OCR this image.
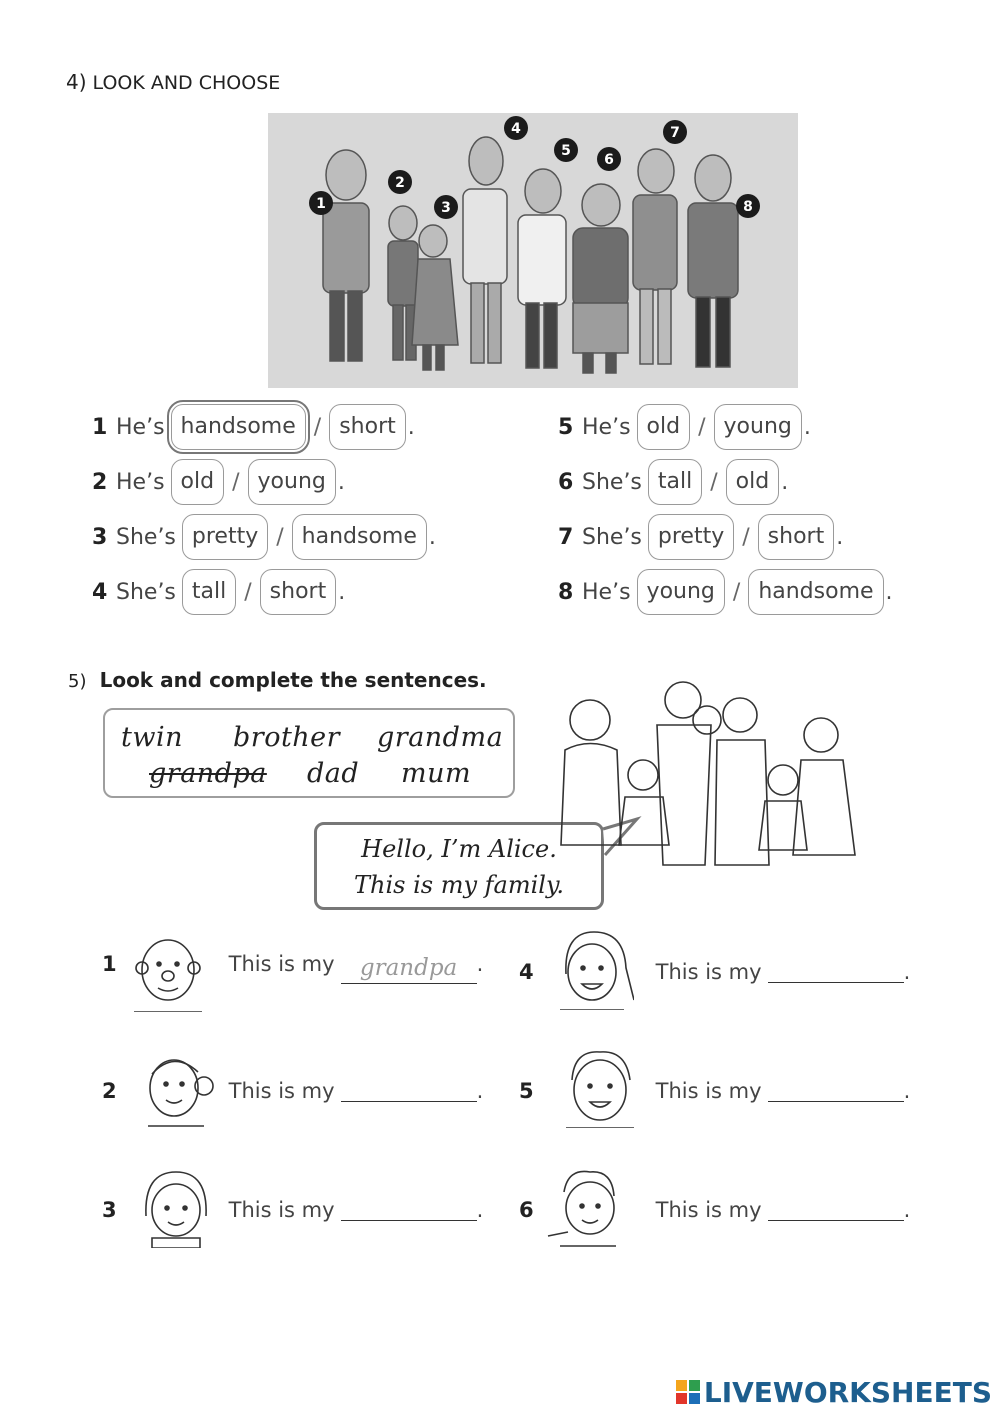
4) LOOK AND CHOOSE
1
2
3
4
5
6
7
8
1 He’s handsome / short .
2 He’s old / young .
3 She’s pretty / handsome .
4 She’s tall / short .
5 He’s old / young .
6 She’s tall / old .
7 She’s pretty / short .
8 He’s young / handsome .
5) Look and complete the sentences.
twin brother grandma
grandpa dad mum
Hello, I’m Alice.
This is my family.
1	This is my	grandpa .
2	This is my	.
3	This is my	.
4	This is my	.
5	This is my	.
6	This is my	.
LIVEWORKSHEETS
